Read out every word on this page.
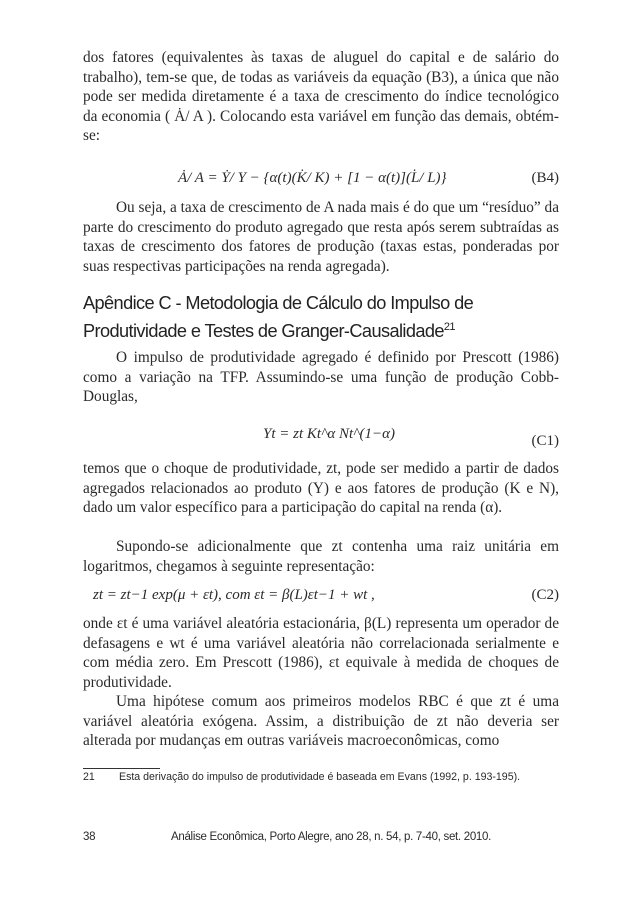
dos fatores (equivalentes às taxas de aluguel do capital e de salário do trabalho), tem-se que, de todas as variáveis da equação (B3), a única que não pode ser medida diretamente é a taxa de crescimento do índice tecnológico da economia ( Ȧ/ A ). Colocando esta variável em função das demais, obtém-se:

Ȧ/ A = Ẏ/ Y − {α(t)(K̇/ K) + [1 − α(t)](L̇/ L)}	(B4)

Ou seja, a taxa de crescimento de A nada mais é do que um “resíduo” da parte do crescimento do produto agregado que resta após serem subtraídas as taxas de crescimento dos fatores de produção (taxas estas, ponderadas por suas respectivas participações na renda agregada).

Apêndice C - Metodologia de Cálculo do Impulso de Produtividade e Testes de Granger-Causalidade$^{21}$

O impulso de produtividade agregado é definido por Prescott (1986) como a variação na TFP. Assumindo-se uma função de produção Cobb-Douglas,

Yt = zt Kt^α Nt^(1−α)	(C1)

temos que o choque de produtividade, zt, pode ser medido a partir de dados agregados relacionados ao produto (Y) e aos fatores de produção (K e N), dado um valor específico para a participação do capital na renda (α).

Supondo-se adicionalmente que zt contenha uma raiz unitária em logaritmos, chegamos à seguinte representação:

zt = zt−1 exp(μ + εt), com εt = β(L)εt−1 + wt ,	(C2)

onde εt é uma variável aleatória estacionária, β(L) representa um operador de defasagens e wt é uma variável aleatória não correlacionada serialmente e com média zero. Em Prescott (1986), εt equivale à medida de choques de produtividade.

Uma hipótese comum aos primeiros modelos RBC é que zt é uma variável aleatória exógena. Assim, a distribuição de zt não deveria ser alterada por mudanças em outras variáveis macroeconômicas, como

21 Esta derivação do impulso de produtividade é baseada em Evans (1992, p. 193-195).
38	Análise Econômica, Porto Alegre, ano 28, n. 54, p. 7-40, set. 2010.
